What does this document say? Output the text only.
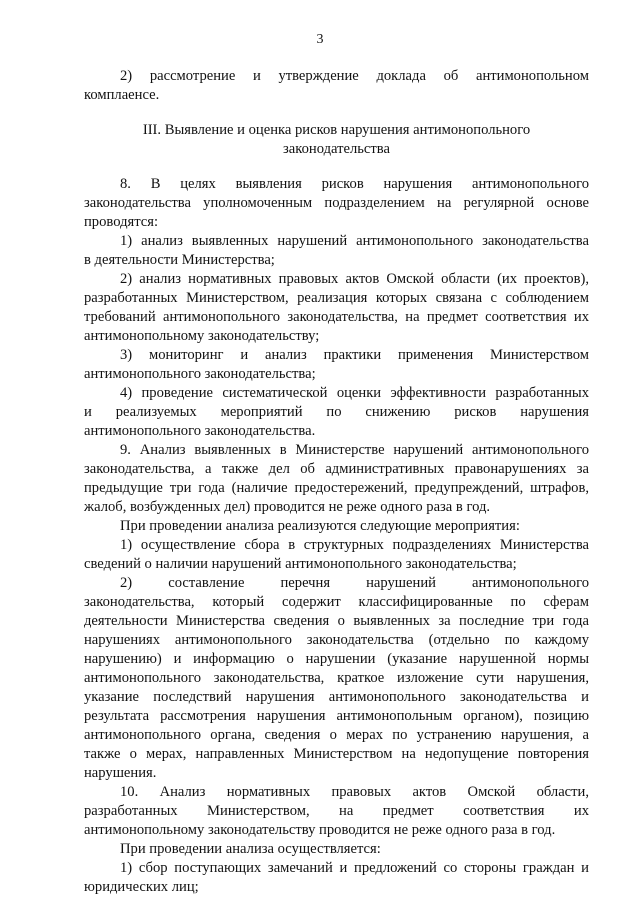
3

2) рассмотрение и утверждение доклада об антимонопольном

комплаенсе.

III. Выявление и оценка рисков нарушения антимонопольного
законодательства
8. В целях выявления рисков нарушения антимонопольного
законодательства уполномоченным подразделением на регулярной основе
проводятся:
1) анализ выявленных нарушений антимонопольного законодательства
в деятельности Министерства;
2) анализ нормативных правовых актов Омской области (их проектов),
разработанных Министерством, реализация которых связана с соблюдением
требований антимонопольного законодательства, на предмет соответствия их
антимонопольному законодательству;
3) мониторинг и анализ практики применения Министерством
антимонопольного законодательства;
4) проведение систематической оценки эффективности разработанных
и реализуемых мероприятий по снижению рисков нарушения
антимонопольного законодательства.
9. Анализ выявленных в Министерстве нарушений антимонопольного
законодательства, а также дел об административных правонарушениях за
предыдущие три года (наличие предостережений, предупреждений, штрафов,
жалоб, возбужденных дел) проводится не реже одного раза в год.
При проведении анализа реализуются следующие мероприятия:
1) осуществление сбора в структурных подразделениях Министерства
сведений о наличии нарушений антимонопольного законодательства;
2) составление перечня нарушений антимонопольного
законодательства, который содержит классифицированные по сферам
деятельности Министерства сведения о выявленных за последние три года
нарушениях антимонопольного законодательства (отдельно по каждому
нарушению) и информацию о нарушении (указание нарушенной нормы
антимонопольного законодательства, краткое изложение сути нарушения,
указание последствий нарушения антимонопольного законодательства и
результата рассмотрения нарушения антимонопольным органом), позицию
антимонопольного органа, сведения о мерах по устранению нарушения, а
также о мерах, направленных Министерством на недопущение повторения
нарушения.
10. Анализ нормативных правовых актов Омской области,
разработанных Министерством, на предмет соответствия их
антимонопольному законодательству проводится не реже одного раза в год.
При проведении анализа осуществляется:
1) сбор поступающих замечаний и предложений со стороны граждан и
юридических лиц;
